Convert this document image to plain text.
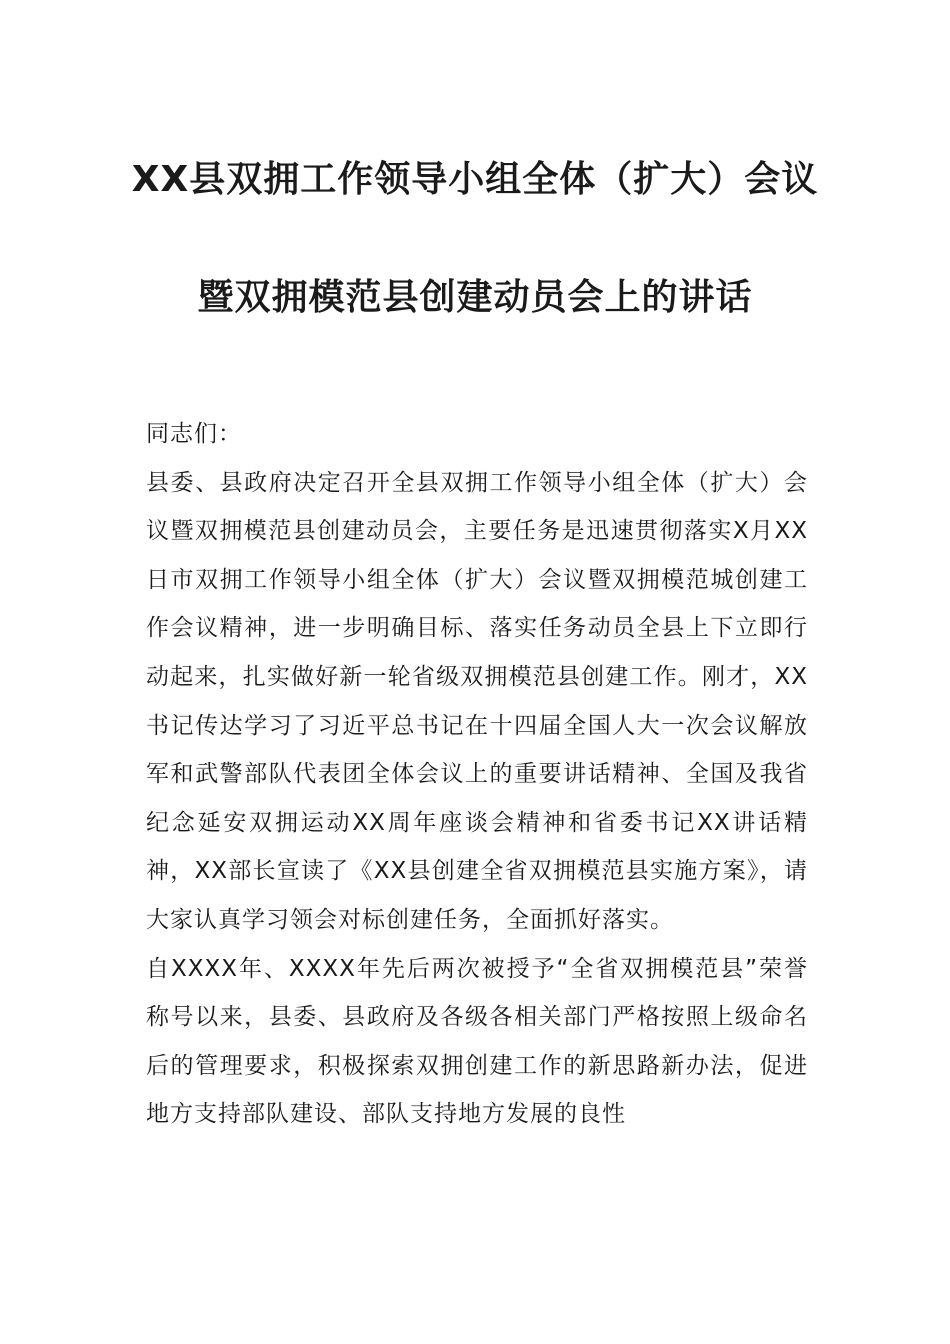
XX县双拥工作领导小组全体（扩大）会议
暨双拥模范县创建动员会上的讲话

同志们：

县委、县政府决定召开全县双拥工作领导小组全体（扩大）会议暨双拥模范县创建动员会，主要任务是迅速贯彻落实X月XX日市双拥工作领导小组全体（扩大）会议暨双拥模范城创建工作会议精神，进一步明确目标、落实任务动员全县上下立即行动起来，扎实做好新一轮省级双拥模范县创建工作。刚才，XX书记传达学习了习近平总书记在十四届全国人大一次会议解放军和武警部队代表团全体会议上的重要讲话精神、全国及我省纪念延安双拥运动XX周年座谈会精神和省委书记XX讲话精神，XX部长宣读了《XX县创建全省双拥模范县实施方案》，请大家认真学习领会对标创建任务，全面抓好落实。

自XXXX年、XXXX年先后两次被授予“全省双拥模范县”荣誉称号以来，县委、县政府及各级各相关部门严格按照上级命名后的管理要求，积极探索双拥创建工作的新思路新办法，促进地方支持部队建设、部队支持地方发展的良性
